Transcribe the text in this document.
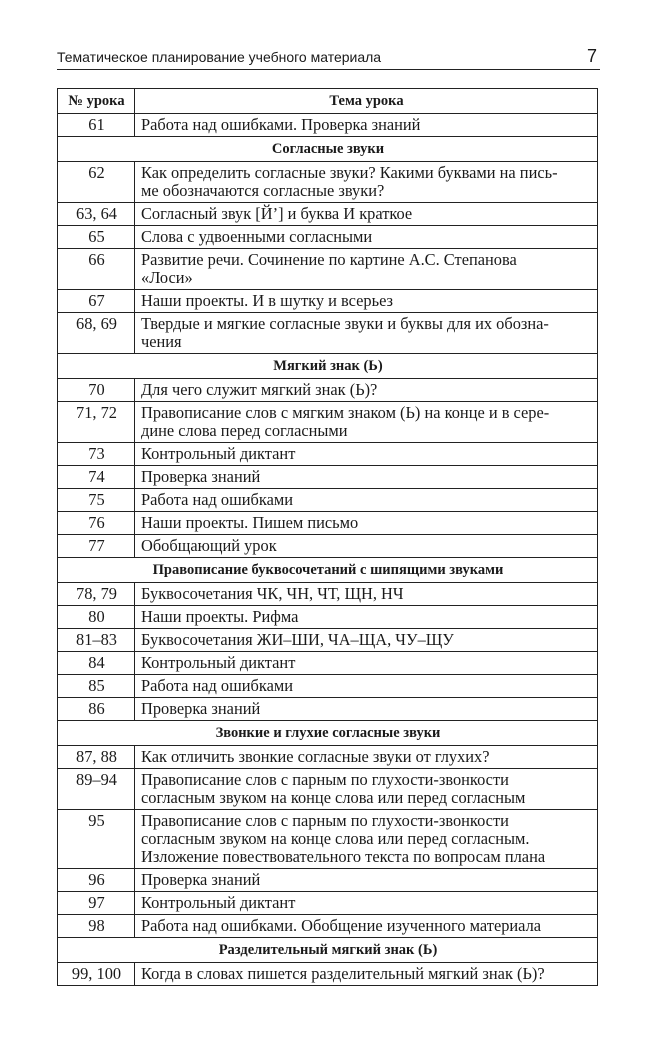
Тематическое планирование учебного материала	7
№ урока	Тема урока
61	Работа над ошибками. Проверка знаний
Согласные звуки	
62	Как определить согласные звуки? Какими буквами на пись-
ме обозначаются согласные звуки?
63, 64	Согласный звук [Й’] и буква И краткое
65	Слова с удвоенными согласными
66	Развитие речи. Сочинение по картине А.С. Степанова
«Лоси»
67	Наши проекты. И в шутку и всерьез
68, 69	Твердые и мягкие согласные звуки и буквы для их обозна-
чения
Мягкий знак (Ь)	
70	Для чего служит мягкий знак (Ь)?
71, 72	Правописание слов с мягким знаком (Ь) на конце и в сере-
дине слова перед согласными
73	Контрольный диктант
74	Проверка знаний
75	Работа над ошибками
76	Наши проекты. Пишем письмо
77	Обобщающий урок
Правописание буквосочетаний с шипящими звуками	
78, 79	Буквосочетания ЧК, ЧН, ЧТ, ЩН, НЧ
80	Наши проекты. Рифма
81–83	Буквосочетания ЖИ–ШИ, ЧА–ЩА, ЧУ–ЩУ
84	Контрольный диктант
85	Работа над ошибками
86	Проверка знаний
Звонкие и глухие согласные звуки	
87, 88	Как отличить звонкие согласные звуки от глухих?
89–94	Правописание слов с парным по глухости-звонкости
согласным звуком на конце слова или перед согласным
95	Правописание слов с парным по глухости-звонкости
согласным звуком на конце слова или перед согласным.
Изложение повествовательного текста по вопросам плана
96	Проверка знаний
97	Контрольный диктант
98	Работа над ошибками. Обобщение изученного материала
Разделительный мягкий знак (Ь)	
99, 100	Когда в словах пишется разделительный мягкий знак (Ь)?
